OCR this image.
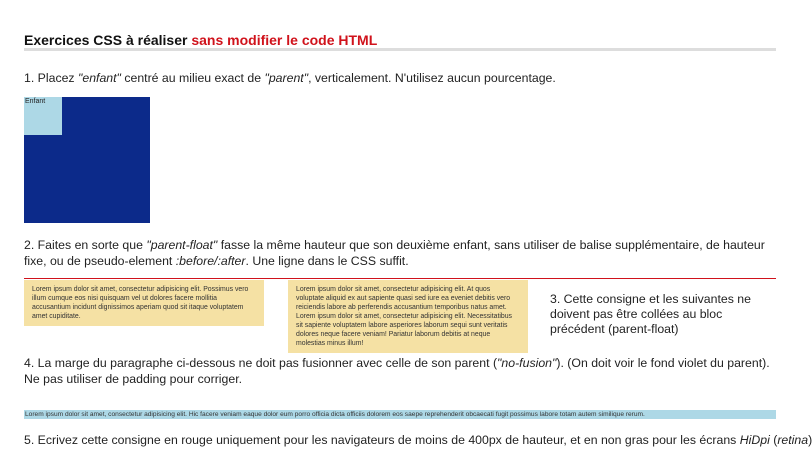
Exercices CSS à réaliser sans modifier le code HTML

1. Placez "enfant" centré au milieu exact de "parent", verticalement. N'utilisez aucun pourcentage.

Enfant

2. Faites en sorte que "parent-float" fasse la même hauteur que son deuxième enfant, sans utiliser de balise supplémentaire, de hauteur fixe, ou de pseudo-element :before/:after. Une ligne dans le CSS suffit.

Lorem ipsum dolor sit amet, consectetur adipisicing elit. Possimus vero illum cumque eos nisi quisquam vel ut dolores facere mollitia accusantium incidunt dignissimos aperiam quod sit itaque voluptatem amet cupiditate.
Lorem ipsum dolor sit amet, consectetur adipisicing elit. At quos voluptate aliquid ex aut sapiente quasi sed iure ea eveniet debitis vero reiciendis labore ab perferendis accusantium temporibus natus amet. Lorem ipsum dolor sit amet, consectetur adipisicing elit. Necessitatibus sit sapiente voluptatem labore asperiores laborum sequi sunt veritatis dolores neque facere veniam! Pariatur laborum debitis at neque molestias minus illum!

3. Cette consigne et les suivantes ne doivent pas être collées au bloc précédent (parent-float)

4. La marge du paragraphe ci-dessous ne doit pas fusionner avec celle de son parent ("no-fusion"). (On doit voir le fond violet du parent). Ne pas utiliser de padding pour corriger.

Lorem ipsum dolor sit amet, consectetur adipisicing elit. Hic facere veniam eaque dolor eum porro officia dicta officiis dolorem eos saepe reprehenderit obcaecati fugit possimus labore totam autem similique rerum.

5. Ecrivez cette consigne en rouge uniquement pour les navigateurs de moins de 400px de hauteur, et en non gras pour les écrans HiDpi (retina)
